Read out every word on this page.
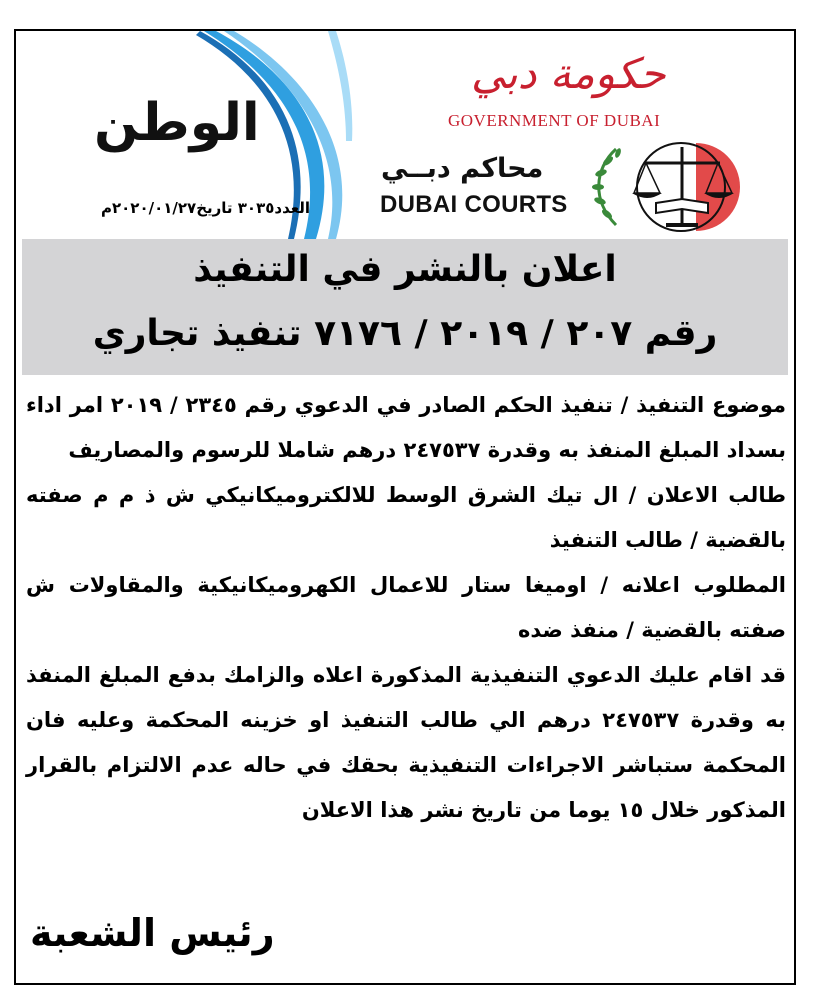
الوطن
العدد٣٠٣٥ تاريخ٢٠٢٠/٠١/٢٧م
حكومة دبي
GOVERNMENT OF DUBAI
محاكم دبــي
DUBAI COURTS
اعلان بالنشر في التنفيذ
رقم ٢٠٧ / ٢٠١٩ / ٧١٧٦ تنفيذ تجاري

موضوع التنفيذ / تنفيذ الحكم الصادر في الدعوي رقم ٢٣٤٥ / ٢٠١٩ امر اداء بسداد المبلغ المنفذ به وقدرة ٢٤٧٥٣٧ درهم شاملا للرسوم والمصاريف

طالب الاعلان / ال تيك الشرق الوسط للالكتروميكانيكي ش ذ م م صفته بالقضية / طالب التنفيذ

المطلوب اعلانه / اوميغا ستار للاعمال الكهروميكانيكية والمقاولات ش صفته بالقضية / منفذ ضده

قد اقام عليك الدعوي التنفيذية المذكورة اعلاه والزامك بدفع المبلغ المنفذ به وقدرة ٢٤٧٥٣٧ درهم الي طالب التنفيذ او خزينه المحكمة وعليه فان المحكمة ستباشر الاجراءات التنفيذية بحقك في حاله عدم الالتزام بالقرار المذكور خلال ١٥ يوما من تاريخ نشر هذا الاعلان

رئيس الشعبة
